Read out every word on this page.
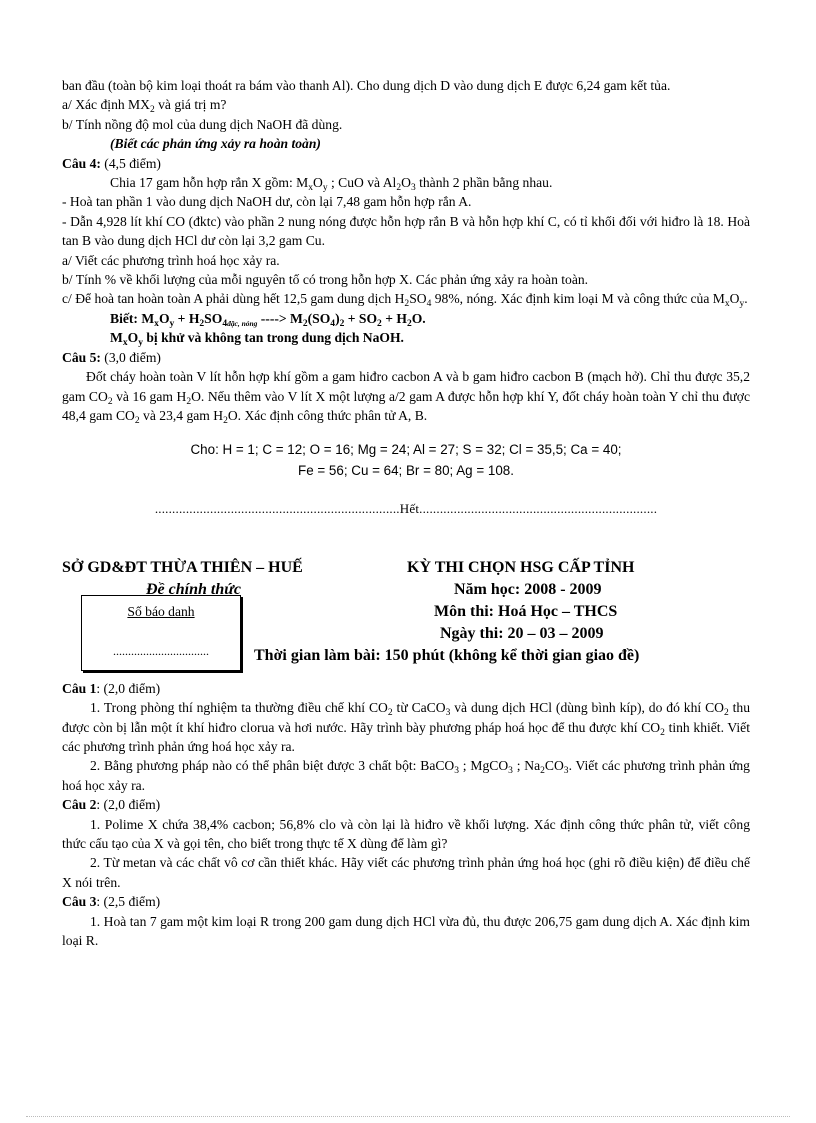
ban đầu (toàn bộ kim loại thoát ra bám vào thanh Al). Cho dung dịch D vào dung dịch E được 6,24 gam kết tủa.

a/ Xác định $MX_2$ và giá trị m?

b/ Tính nồng độ mol của dung dịch NaOH đã dùng.

(Biết các phản ứng xảy ra hoàn toàn)

Câu 4: (4,5 điểm)

Chia 17 gam hỗn hợp rắn X gồm: $M_xO_y$ ; CuO và $Al_2O_3$ thành 2 phần bằng nhau.

- Hoà tan phần 1 vào dung dịch NaOH dư, còn lại 7,48 gam hỗn hợp rắn A.

- Dẫn 4,928 lít khí CO (đktc) vào phần 2 nung nóng được hỗn hợp rắn B và hỗn hợp khí C, có tỉ khối đối với hiđro là 18. Hoà tan B vào dung dịch HCl dư còn lại 3,2 gam Cu.

a/ Viết các phương trình hoá học xảy ra.

b/ Tính % về khối lượng của mỗi nguyên tố có trong hỗn hợp X. Các phản ứng xảy ra hoàn toàn.

c/ Để hoà tan hoàn toàn A phải dùng hết 12,5 gam dung dịch $H_2SO_4$ 98%, nóng. Xác định kim loại M và công thức của $M_xO_y$.

Biết: $M_xO_y + H_2SO_{4đặc, nóng}$ ----> $M_2(SO_4)_2 + SO_2 + H_2O$.

$M_xO_y$ bị khử và không tan trong dung dịch NaOH.

Câu 5: (3,0 điểm)

Đốt cháy hoàn toàn V lít hỗn hợp khí gồm a gam hiđro cacbon A và b gam hiđro cacbon B (mạch hở). Chỉ thu được 35,2 gam $CO_2$ và 16 gam $H_2O$. Nếu thêm vào V lít X một lượng a/2 gam A được hỗn hợp khí Y, đốt cháy hoàn toàn Y chỉ thu được 48,4 gam $CO_2$ và 23,4 gam $H_2O$. Xác định công thức phân tử A, B.

Cho: H = 1; C = 12; O = 16; Mg = 24; Al = 27; S = 32; Cl = 35,5; Ca = 40;
Fe = 56; Cu = 64; Br = 80; Ag = 108.
.......................................................................Hết.....................................................................
SỞ GD&ĐT THỪA THIÊN – HUẾ
Đề chính thức
KỲ THI CHỌN HSG CẤP TỈNH
Năm học: 2008 - 2009
Môn thi: Hoá Học – THCS
Ngày thi: 20 – 03 – 2009
Thời gian làm bài: 150 phút (không kể thời gian giao đề)
Số báo danh
................................

Câu 1: (2,0 điểm)

1. Trong phòng thí nghiệm ta thường điều chế khí $CO_2$ từ CaCO$_3$ và dung dịch HCl (dùng bình kíp), do đó khí $CO_2$ thu được còn bị lẫn một ít khí hiđro clorua và hơi nước. Hãy trình bày phương pháp hoá học để thu được khí $CO_2$ tinh khiết. Viết các phương trình phản ứng hoá học xảy ra.

2. Bằng phương pháp nào có thể phân biệt được 3 chất bột: BaCO$_3$ ; MgCO$_3$ ; $Na_2CO_3$. Viết các phương trình phản ứng hoá học xảy ra.

Câu 2: (2,0 điểm)

1. Polime X chứa 38,4% cacbon; 56,8% clo và còn lại là hiđro về khối lượng. Xác định công thức phân tử, viết công thức cấu tạo của X và gọi tên, cho biết trong thực tế X dùng để làm gì?

2. Từ metan và các chất vô cơ cần thiết khác. Hãy viết các phương trình phản ứng hoá học (ghi rõ điều kiện) để điều chế X nói trên.

Câu 3: (2,5 điểm)

1. Hoà tan 7 gam một kim loại R trong 200 gam dung dịch HCl vừa đủ, thu được 206,75 gam dung dịch A. Xác định kim loại R.
